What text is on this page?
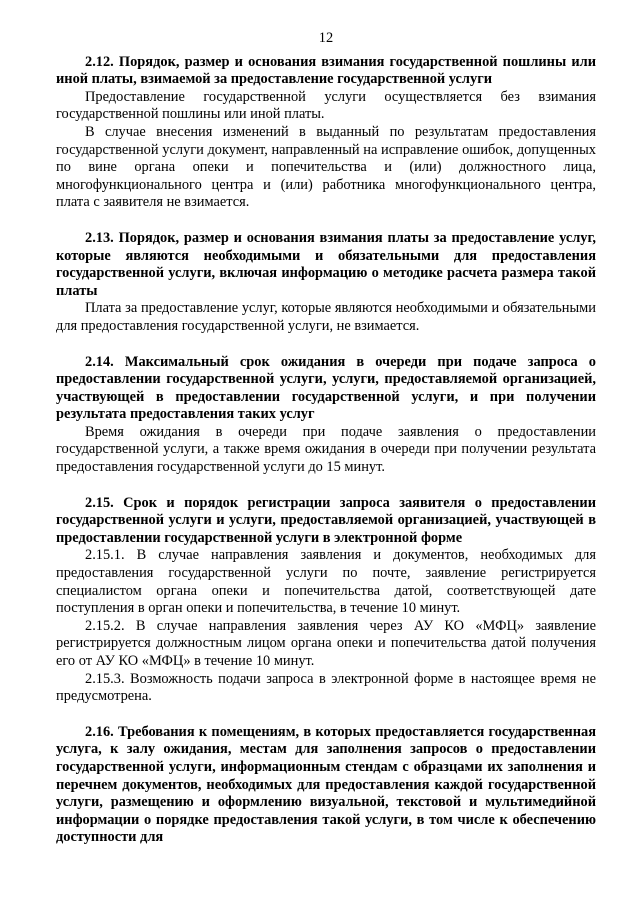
12

2.12. Порядок, размер и основания взимания государственной пошлины или иной платы, взимаемой за предоставление государственной услуги

Предоставление государственной услуги осуществляется без взимания государственной пошлины или иной платы.

В случае внесения изменений в выданный по результатам предоставления государственной услуги документ, направленный на исправление ошибок, допущенных по вине органа опеки и попечительства и (или) должностного лица, многофункционального центра и (или) работника многофункционального центра, плата с заявителя не взимается.

2.13. Порядок, размер и основания взимания платы за предоставление услуг, которые являются необходимыми и обязательными для предоставления государственной услуги, включая информацию о методике расчета размера такой платы

Плата за предоставление услуг, которые являются необходимыми и обязательными для предоставления государственной услуги, не взимается.

2.14. Максимальный срок ожидания в очереди при подаче запроса о предоставлении государственной услуги, услуги, предоставляемой организацией, участвующей в предоставлении государственной услуги, и при получении результата предоставления таких услуг

Время ожидания в очереди при подаче заявления о предоставлении государственной услуги, а также время ожидания в очереди при получении результата предоставления государственной услуги до 15 минут.

2.15. Срок и порядок регистрации запроса заявителя о предоставлении государственной услуги и услуги, предоставляемой организацией, участвующей в предоставлении государственной услуги в электронной форме

2.15.1. В случае направления заявления и документов, необходимых для предоставления государственной услуги по почте, заявление регистрируется специалистом органа опеки и попечительства датой, соответствующей дате поступления в орган опеки и попечительства, в течение 10 минут.

2.15.2. В случае направления заявления через АУ КО «МФЦ» заявление регистрируется должностным лицом органа опеки и попечительства датой получения его от АУ КО «МФЦ» в течение 10 минут.

2.15.3. Возможность подачи запроса в электронной форме в настоящее время не предусмотрена.

2.16. Требования к помещениям, в которых предоставляется государственная услуга, к залу ожидания, местам для заполнения запросов о предоставлении государственной услуги, информационным стендам с образцами их заполнения и перечнем документов, необходимых для предоставления каждой государственной услуги, размещению и оформлению визуальной, текстовой и мультимедийной информации о порядке предоставления такой услуги, в том числе к обеспечению доступности для
